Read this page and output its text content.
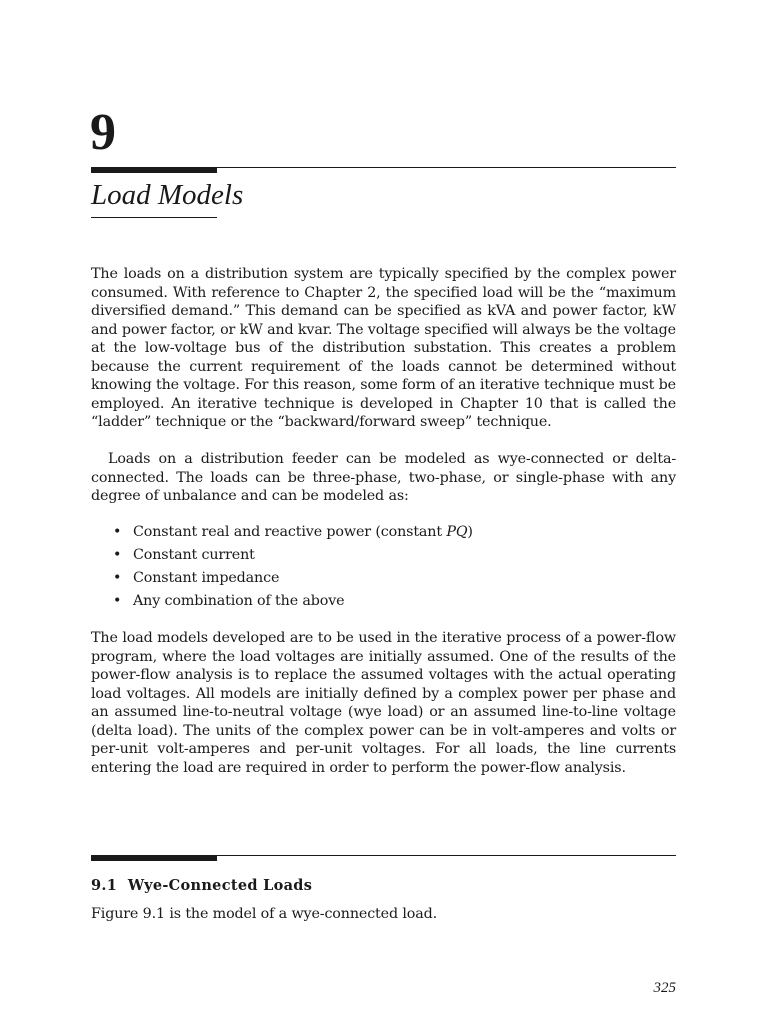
9
Load Models

The loads on a distribution system are typically specified by the complex power consumed. With reference to Chapter 2, the specified load will be the “maximum diversified demand.” This demand can be specified as kVA and power factor, kW and power factor, or kW and kvar. The voltage specified will always be the voltage at the low-voltage bus of the distribution substation. This creates a problem because the current requirement of the loads cannot be determined without knowing the voltage. For this reason, some form of an iterative technique must be employed. An iterative technique is developed in Chapter 10 that is called the “ladder” technique or the “backward/forward sweep” technique.

Loads on a distribution feeder can be modeled as wye-connected or delta-connected. The loads can be three-phase, two-phase, or single-phase with any degree of unbalance and can be modeled as:

• Constant real and reactive power (constant PQ)
• Constant current
• Constant impedance
• Any combination of the above

The load models developed are to be used in the iterative process of a power-flow program, where the load voltages are initially assumed. One of the results of the power-flow analysis is to replace the assumed voltages with the actual operating load voltages. All models are initially defined by a complex power per phase and an assumed line-to-neutral voltage (wye load) or an assumed line-to-line voltage (delta load). The units of the complex power can be in volt-amperes and volts or per-unit volt-amperes and per-unit voltages. For all loads, the line currents entering the load are required in order to perform the power-flow analysis.

9.1 Wye-Connected Loads

Figure 9.1 is the model of a wye-connected load.

325
